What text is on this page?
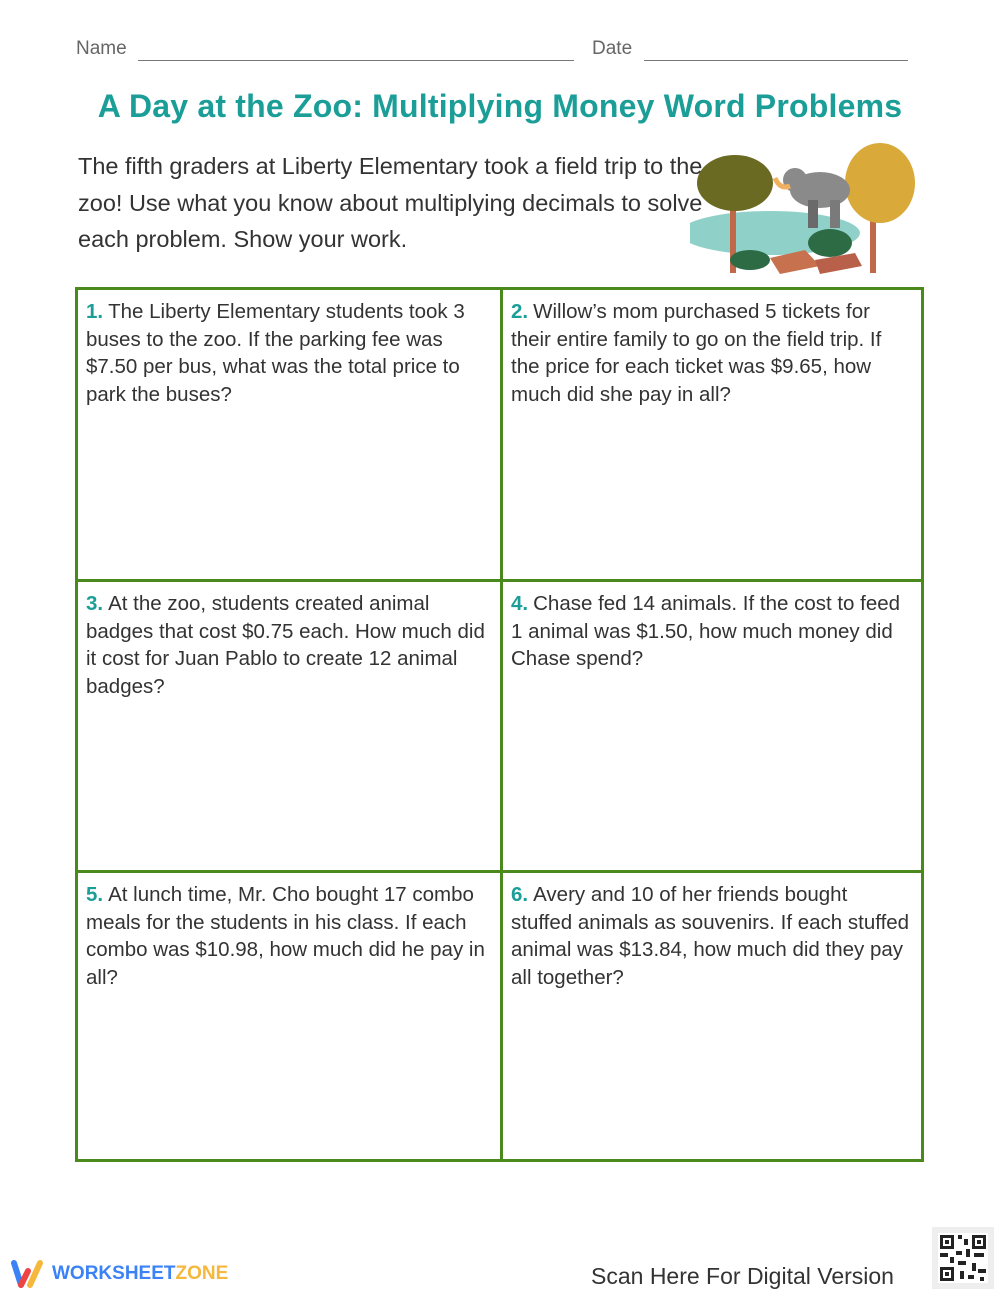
Name	Date
A Day at the Zoo: Multiplying Money Word Problems
The fifth graders at Liberty Elementary took a field trip to the zoo! Use what you know about multiplying decimals to solve each problem. Show your work.
1. The Liberty Elementary students took 3 buses to the zoo. If the parking fee was $7.50 per bus, what was the total price to park the buses?
2. Willow’s mom purchased 5 tickets for their entire family to go on the field trip. If the price for each ticket was $9.65, how much did she pay in all?
3. At the zoo, students created animal badges that cost $0.75 each. How much did it cost for Juan Pablo to create 12 animal badges?
4. Chase fed 14 animals. If the cost to feed 1 animal was $1.50, how much money did Chase spend?
5. At lunch time, Mr. Cho bought 17 combo meals for the students in his class. If each combo was $10.98, how much did he pay in all?
6. Avery and 10 of her friends bought stuffed animals as souvenirs. If each stuffed animal was $13.84, how much did they pay all together?
WORKSHEETZONE	Scan Here For Digital Version
